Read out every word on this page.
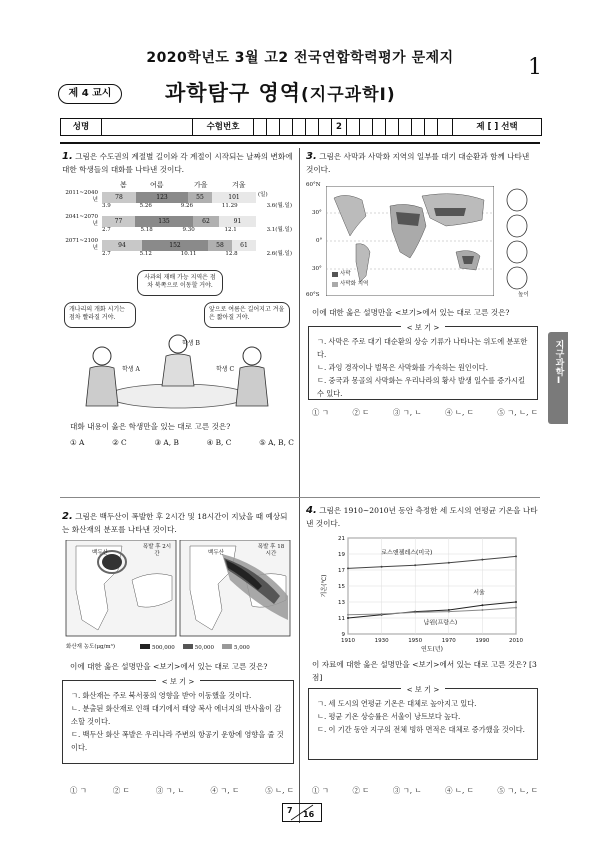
2020학년도 3월 고2 전국연합학력평가 문제지	1
제 4 교시	과학탐구 영역(지구과학Ⅰ)
성명	수험번호	2	제 [ ] 선택
지구과학Ⅰ
1. 그림은 수도권의 계절별 길이와 각 계절이 시작되는 날짜의 변화에 대한 학생들의 대화를 나타낸 것이다.
봄	여름	가을	겨울
2011~2040년	78	123	55	101	(일)
3.9	5.26	9.26	11.29	3.6(월.일)
2041~2070년	77	135	62	91
2.7	5.18	9.30	12.1	3.1(월.일)
2071~2100년	94	152	58	61
2.7	5.12	10.11	12.8	2.6(월.일)
사과의 재배 가능 지역은 점차 북쪽으로 이동할 거야.
개나리의 개화 시기는 점차 빨라질 거야.
앞으로 여름은 길어지고 겨울은 짧아질 거야.
학생 B
학생 A	학생 C
대화 내용이 옳은 학생만을 있는 대로 고른 것은?
① A	② C	③ A, B	④ B, C	⑤ A, B, C
3. 그림은 사막과 사막화 지역의 일부를 대기 대순환과 함께 나타낸 것이다.
60°N
30°
0°
30°
60°S
사막
사막화 지역
높이
이에 대한 옳은 설명만을 <보기>에서 있는 대로 고른 것은?
< 보 기 >
ㄱ. 사막은 주로 대기 대순환의 상승 기류가 나타나는 위도에 분포한다.
ㄴ. 과잉 경작이나 벌목은 사막화를 가속하는 원인이다.
ㄷ. 중국과 몽골의 사막화는 우리나라의 황사 발생 일수를 증가시킬 수 있다.
① ㄱ	② ㄷ	③ ㄱ, ㄴ	④ ㄴ, ㄷ	⑤ ㄱ, ㄴ, ㄷ
2. 그림은 백두산이 폭발한 후 2시간 및 18시간이 지났을 때 예상되는 화산재의 분포를 나타낸 것이다.
폭발 후 2시간
폭발 후 18시간
백두산	백두산
화산재 농도(μg/m³)	500,000	50,000	5,000
이에 대한 옳은 설명만을 <보기>에서 있는 대로 고른 것은?
< 보 기 >
ㄱ. 화산재는 주로 북서풍의 영향을 받아 이동했을 것이다.
ㄴ. 분출된 화산재로 인해 대기에서 태양 복사 에너지의 반사율이 감소할 것이다.
ㄷ. 백두산 화산 폭발은 우리나라 주변의 항공기 운항에 영향을 줄 것이다.
① ㄱ	② ㄷ	③ ㄱ, ㄴ	④ ㄱ, ㄷ	⑤ ㄴ, ㄷ
4. 그림은 1910~2010년 동안 측정한 세 도시의 연평균 기온을 나타낸 것이다.
9
11
13
15
17
19
21
1910	1930	1950	1970	1990	2010
연도(년)
기온(℃)
로스앤젤레스(미국)
서울
남원(프랑스)
이 자료에 대한 옳은 설명만을 <보기>에서 있는 대로 고른 것은? [3점]
< 보 기 >
ㄱ. 세 도시의 연평균 기온은 대체로 높아지고 있다.
ㄴ. 평균 기온 상승률은 서울이 낭트보다 높다.
ㄷ. 이 기간 동안 지구의 전체 빙하 면적은 대체로 증가했을 것이다.
① ㄱ	② ㄷ	③ ㄱ, ㄴ	④ ㄴ, ㄷ	⑤ ㄱ, ㄴ, ㄷ
7 16
